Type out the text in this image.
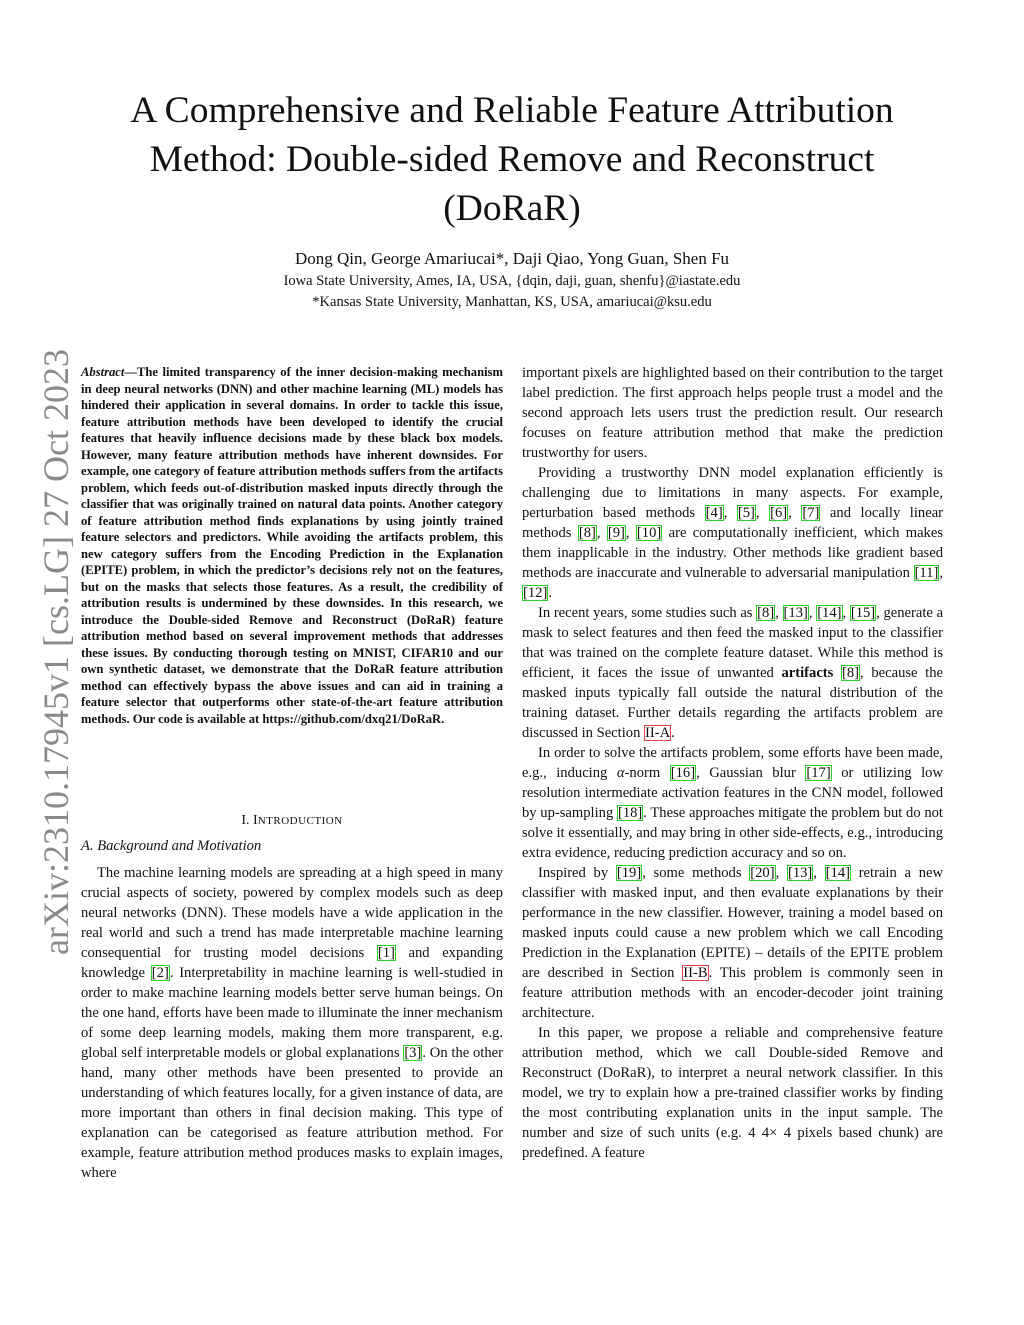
A Comprehensive and Reliable Feature Attribution
Method: Double-sided Remove and Reconstruct
(DoRaR)
Dong Qin, George Amariucai*, Daji Qiao, Yong Guan, Shen Fu
Iowa State University, Ames, IA, USA, {dqin, daji, guan, shenfu}@iastate.edu
*Kansas State University, Manhattan, KS, USA, amariucai@ksu.edu
arXiv:2310.17945v1 [cs.LG] 27 Oct 2023 Abstract—The limited transparency of the inner decision-making mechanism in deep neural networks (DNN) and other machine learning (ML) models has hindered their application in several domains. In order to tackle this issue, feature attribution methods have been developed to identify the crucial features that heavily influence decisions made by these black box models. However, many feature attribution methods have inherent downsides. For example, one category of feature attribution methods suffers from the artifacts problem, which feeds out-of-distribution masked inputs directly through the classifier that was originally trained on natural data points. Another category of feature attribution method finds explanations by using jointly trained feature selectors and predictors. While avoiding the artifacts problem, this new category suffers from the Encoding Prediction in the Explanation (EPITE) problem, in which the predictor’s decisions rely not on the features, but on the masks that selects those features. As a result, the credibility of attribution results is undermined by these downsides. In this research, we introduce the Double-sided Remove and Reconstruct (DoRaR) feature attribution method based on several improvement methods that addresses these issues. By conducting thorough testing on MNIST, CIFAR10 and our own synthetic dataset, we demonstrate that the DoRaR feature attribution method can effectively bypass the above issues and can aid in training a feature selector that outperforms other state-of-the-art feature attribution methods. Our code is available at https://github.com/dxq21/DoRaR.
I. INTRODUCTION
A. Background and Motivation

The machine learning models are spreading at a high speed in many crucial aspects of society, powered by complex models such as deep neural networks (DNN). These models have a wide application in the real world and such a trend has made interpretable machine learning consequential for trusting model decisions [1] and expanding knowledge [2]. Interpretability in machine learning is well-studied in order to make machine learning models better serve human beings. On the one hand, efforts have been made to illuminate the inner mechanism of some deep learning models, making them more transparent, e.g. global self interpretable models or global explanations [3]. On the other hand, many other methods have been presented to provide an understanding of which features locally, for a given instance of data, are more important than others in final decision making. This type of explanation can be categorised as feature attribution method. For example, feature attribution method produces masks to explain images, where

important pixels are highlighted based on their contribution to the target label prediction. The first approach helps people trust a model and the second approach lets users trust the prediction result. Our research focuses on feature attribution method that make the prediction trustworthy for users.

Providing a trustworthy DNN model explanation efficiently is challenging due to limitations in many aspects. For example, perturbation based methods [4], [5], [6], [7] and locally linear methods [8], [9], [10] are computationally inefficient, which makes them inapplicable in the industry. Other methods like gradient based methods are inaccurate and vulnerable to adversarial manipulation [11], [12].

In recent years, some studies such as [8], [13], [14], [15], generate a mask to select features and then feed the masked input to the classifier that was trained on the complete feature dataset. While this method is efficient, it faces the issue of unwanted artifacts [8], because the masked inputs typically fall outside the natural distribution of the training dataset. Further details regarding the artifacts problem are discussed in Section II-A.

In order to solve the artifacts problem, some efforts have been made, e.g., inducing α-norm [16], Gaussian blur [17] or utilizing low resolution intermediate activation features in the CNN model, followed by up-sampling [18]. These approaches mitigate the problem but do not solve it essentially, and may bring in other side-effects, e.g., introducing extra evidence, reducing prediction accuracy and so on.

Inspired by [19], some methods [20], [13], [14] retrain a new classifier with masked input, and then evaluate explanations by their performance in the new classifier. However, training a model based on masked inputs could cause a new problem which we call Encoding Prediction in the Explanation (EPITE) – details of the EPITE problem are described in Section II-B. This problem is commonly seen in feature attribution methods with an encoder-decoder joint training architecture.

In this paper, we propose a reliable and comprehensive feature attribution method, which we call Double-sided Remove and Reconstruct (DoRaR), to interpret a neural network classifier. In this model, we try to explain how a pre-trained classifier works by finding the most contributing explanation units in the input sample. The number and size of such units (e.g. 4 4× 4 pixels based chunk) are predefined. A feature
